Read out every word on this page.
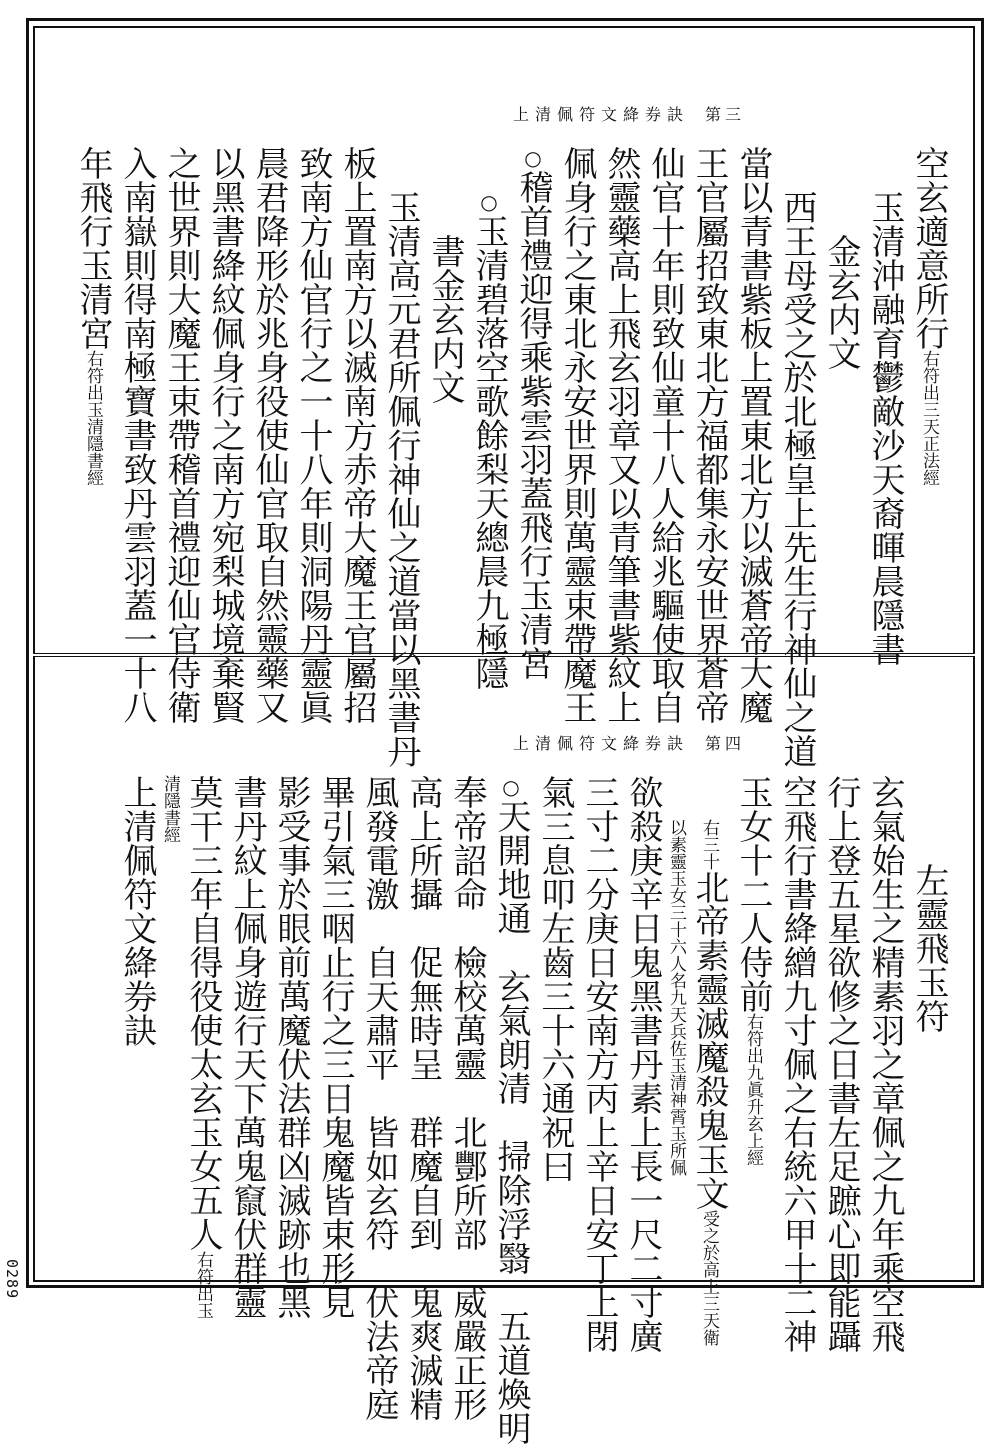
上清佩符文絳券訣 第三
空玄適意所行右符出三天正法經
玉清沖融育鬱敵沙天裔暉晨隱書
金玄内文
西王母受之於北極皇上先生行神仙之道
當以青書紫板上置東北方以滅蒼帝大魔
王官屬招致東北方福都集永安世界蒼帝
仙官十年則致仙童十八人給兆驅使取自
然靈藥高上飛玄羽章又以青筆書紫紋上
佩身行之東北永安世界則萬靈束帶魔王
○稽首禮迎得乘紫雲羽蓋飛行玉清宮
○玉清碧落空歌餘梨天總晨九極隱
書金玄内文
玉清高元君所佩行神仙之道當以黑書丹
板上置南方以滅南方赤帝大魔王官屬招
致南方仙官行之一十八年則洞陽丹靈眞
晨君降形於兆身役使仙官取自然靈藥又
以黑書絳紋佩身行之南方宛梨城境棄賢
之世界則大魔王束帶稽首禮迎仙官侍衛
入南嶽則得南極寶書致丹雲羽蓋一十八
年飛行玉清宮右符出玉清隱書經
上清佩符文絳券訣 第四
左靈飛玉符
玄氣始生之精素羽之章佩之九年乘空飛
行上登五星欲修之日書左足蹠心即能躡
空飛行書絳繒九寸佩之右統六甲十二神
玉女十二人侍前右符出九眞升玄上經
右三十北帝素靈滅魔殺鬼玉文受之於高上三天衛
以素靈玉女三十六人名九天兵佐玉清神霄玉所佩
欲殺庚辛日鬼黑書丹素上長一尺二寸廣
三寸二分庚日安南方丙上辛日安丁上閉
氣三息叩左齒三十六通祝曰
○天開地通　玄氣朗清　掃除浮翳　五道煥明
奉帝詔命　檢校萬靈　北酆所部　威嚴正形
高上所攝　促無時呈　群魔自到　鬼爽滅精
風發電激　自天肅平　皆如玄符　伏法帝庭
畢引氣三咽止行之三日鬼魔皆束形見
影受事於眼前萬魔伏法群凶滅跡也黑
書丹紋上佩身遊行天下萬鬼竄伏群靈
莫干三年自得役使太玄玉女五人右符出玉
清隱書經
上清佩符文絳券訣
0289
